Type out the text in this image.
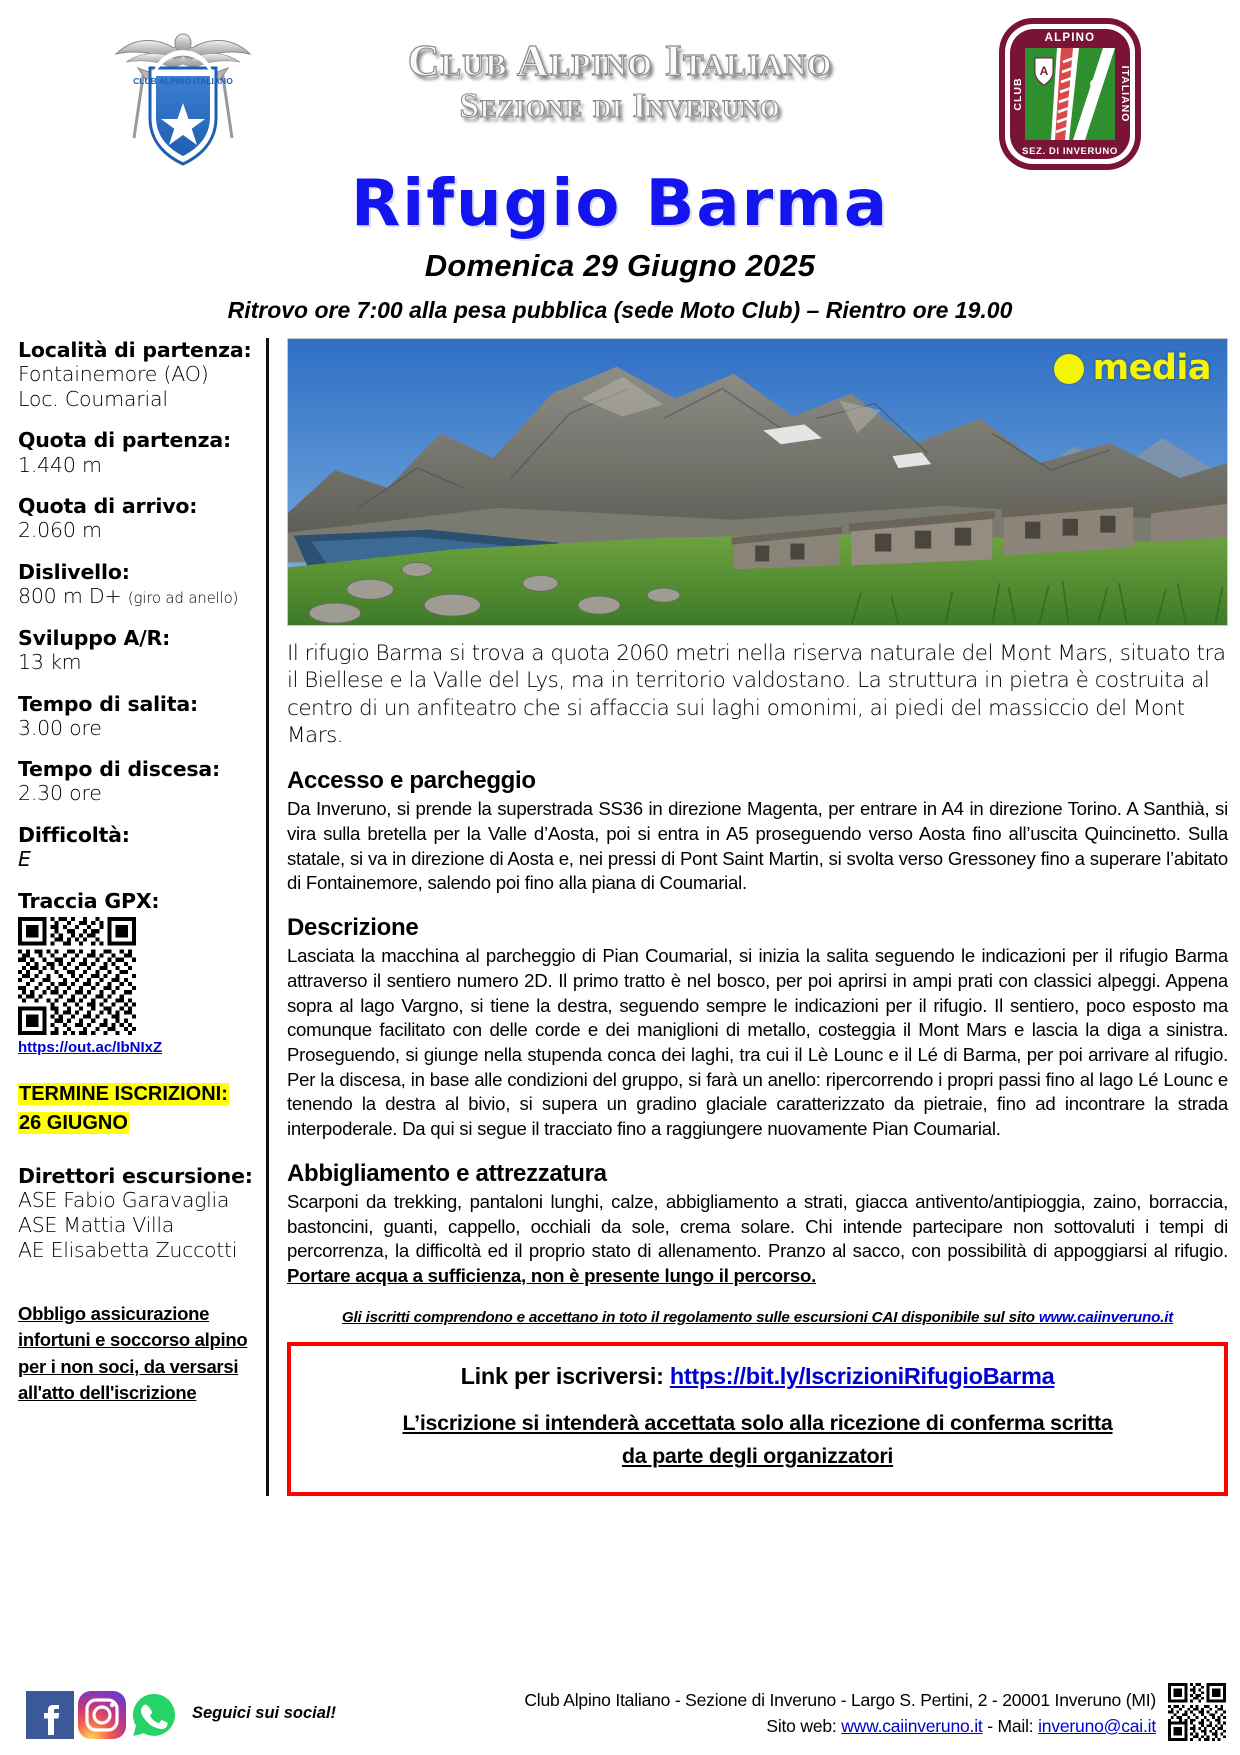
CLUB ALPINO ITALIANO	Club Alpino Italiano
Sezione di Inveruno
A
ALPINO
SEZ. DI INVERUNO
CLUB	ITALIANO
Rifugio Barma
Domenica 29 Giugno 2025
Ritrovo ore 7:00 alla pesa pubblica (sede Moto Club) – Rientro ore 19.00
Località di partenza:
Fontainemore (AO)
Loc. Coumarial
Quota di partenza:
1.440 m
Quota di arrivo:
2.060 m
Dislivello:
800 m D+ (giro ad anello)
Sviluppo A/R:
13 km
Tempo di salita:
3.00 ore
Tempo di discesa:
2.30 ore
Difficoltà:
E
Traccia GPX:
https://out.ac/IbNIxZ
TERMINE ISCRIZIONI:
26 GIUGNO
Direttori escursione:
ASE Fabio Garavaglia
ASE Mattia Villa
AE Elisabetta Zuccotti
Obbligo assicurazione infortuni e soccorso alpino per i non soci, da versarsi all'atto dell'iscrizione
media
Il rifugio Barma si trova a quota 2060 metri nella riserva naturale del Mont Mars, situato tra il Biellese e la Valle del Lys, ma in territorio valdostano. La struttura in pietra è costruita al centro di un anfiteatro che si affaccia sui laghi omonimi, ai piedi del massiccio del Mont Mars.
Accesso e parcheggio
Da Inveruno, si prende la superstrada SS36 in direzione Magenta, per entrare in A4 in direzione Torino. A Santhià, si vira sulla bretella per la Valle d’Aosta, poi si entra in A5 proseguendo verso Aosta fino all’uscita Quincinetto. Sulla statale, si va in direzione di Aosta e, nei pressi di Pont Saint Martin, si svolta verso Gressoney fino a superare l’abitato di Fontainemore, salendo poi fino alla piana di Coumarial.
Descrizione
Lasciata la macchina al parcheggio di Pian Coumarial, si inizia la salita seguendo le indicazioni per il rifugio Barma attraverso il sentiero numero 2D. Il primo tratto è nel bosco, per poi aprirsi in ampi prati con classici alpeggi. Appena sopra al lago Vargno, si tiene la destra, seguendo sempre le indicazioni per il rifugio. Il sentiero, poco esposto ma comunque facilitato con delle corde e dei maniglioni di metallo, costeggia il Mont Mars e lascia la diga a sinistra. Proseguendo, si giunge nella stupenda conca dei laghi, tra cui il Lè Lounc e il Lé di Barma, per poi arrivare al rifugio. Per la discesa, in base alle condizioni del gruppo, si farà un anello: ripercorrendo i propri passi fino al lago Lé Lounc e tenendo la destra al bivio, si supera un gradino glaciale caratterizzato da pietraie, fino ad incontrare la strada interpoderale. Da qui si segue il tracciato fino a raggiungere nuovamente Pian Coumarial.
Abbigliamento e attrezzatura
Scarponi da trekking, pantaloni lunghi, calze, abbigliamento a strati, giacca antivento/antipioggia, zaino, borraccia, bastoncini, guanti, cappello, occhiali da sole, crema solare. Chi intende partecipare non sottovaluti i tempi di percorrenza, la difficoltà ed il proprio stato di allenamento. Pranzo al sacco, con possibilità di appoggiarsi al rifugio. Portare acqua a sufficienza, non è presente lungo il percorso.
Gli iscritti comprendono e accettano in toto il regolamento sulle escursioni CAI disponibile sul sito www.caiinveruno.it
Link per iscriversi: https://bit.ly/IscrizioniRifugioBarma
L’iscrizione si intenderà accettata solo alla ricezione di conferma scritta
da parte degli organizzatori
Seguici sui social!
Club Alpino Italiano - Sezione di Inveruno - Largo S. Pertini, 2 - 20001 Inveruno (MI)
Sito web: www.caiinveruno.it - Mail: inveruno@cai.it
